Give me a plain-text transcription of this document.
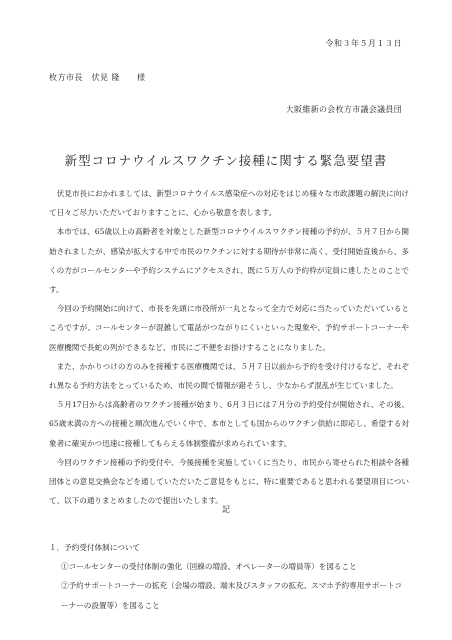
令和３年５月１３日
枚方市長　伏見 隆　　様
大阪維新の会枚方市議会議員団
新型コロナウイルスワクチン接種に関する緊急要望書

伏見市長におかれましては、新型コロナウイルス感染症への対応をはじめ様々な市政課題の解決に向けて日々ご尽力いただいておりますことに、心から敬意を表します。

本市では、65歳以上の高齢者を対象とした新型コロナウイルスワクチン接種の予約が、５月７日から開始されましたが、感染が拡大する中で市民のワクチンに対する期待が非常に高く、受付開始直後から、多くの方がコールセンターや予約システムにアクセスされ、既に５万人の予約枠が定員に達したとのことです。

今回の予約開始に向けて、市長を先頭に市役所が一丸となって全力で対応に当たっていただいているところですが、コールセンターが混雑して電話がつながりにくいといった現象や、予約サポートコーナーや医療機関で長蛇の列ができるなど、市民にご不便をお掛けすることになりました。

また、かかりつけの方のみを接種する医療機関では、５月７日以前から予約を受け付けるなど、それぞれ異なる予約方法をとっているため、市民の間で情報が錯そうし、少なからず混乱が生じていました。

５月17日からは高齢者のワクチン接種が始まり、6月３日には７月分の予約受付が開始され、その後、65歳未満の方への接種と順次進んでいく中で、本市としても国からのワクチン供給に即応し、希望する対象者に確実かつ迅速に接種してもらえる体制整備が求められています。

今回のワクチン接種の予約受付や、今後接種を実施していくに当たり、市民から寄せられた相談や各種団体との意見交換会などを通していただいたご意見をもとに、特に重要であると思われる要望項目について、以下の通りまとめましたので提出いたします。

記

１．予約受付体制について

①コールセンターの受付体制の強化（回線の増設、オペレーターの増員等）を図ること

②予約サポートコーナーの拡充（会場の増設、端末及びスタッフの拡充、スマホ予約専用サポートコーナーの設置等）を図ること
